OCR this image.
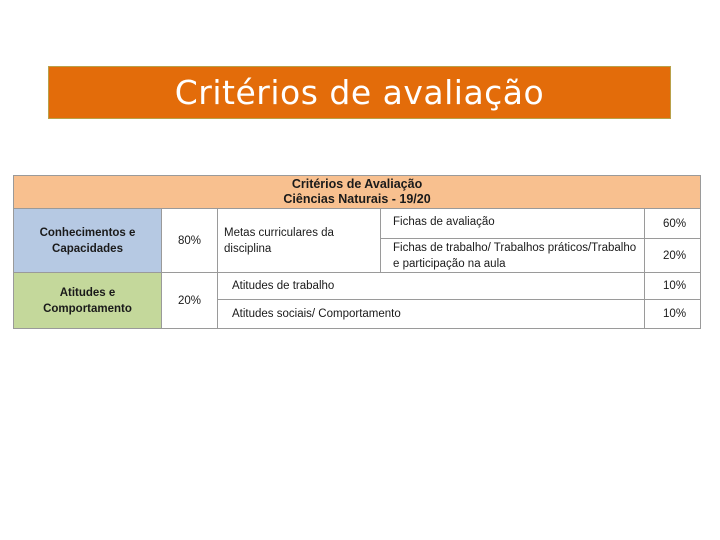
Critérios de avaliação
Critérios de Avaliação
Ciências Naturais - 19/20				

Conhecimentos e Capacidades	80%	Metas curriculares da disciplina	Fichas de avaliação	60%
			Fichas de trabalho/ Trabalhos práticos/Trabalho e participação na aula	20%

Atitudes e Comportamento	20%	Atitudes de trabalho		10%
		Atitudes sociais/ Comportamento		10%
